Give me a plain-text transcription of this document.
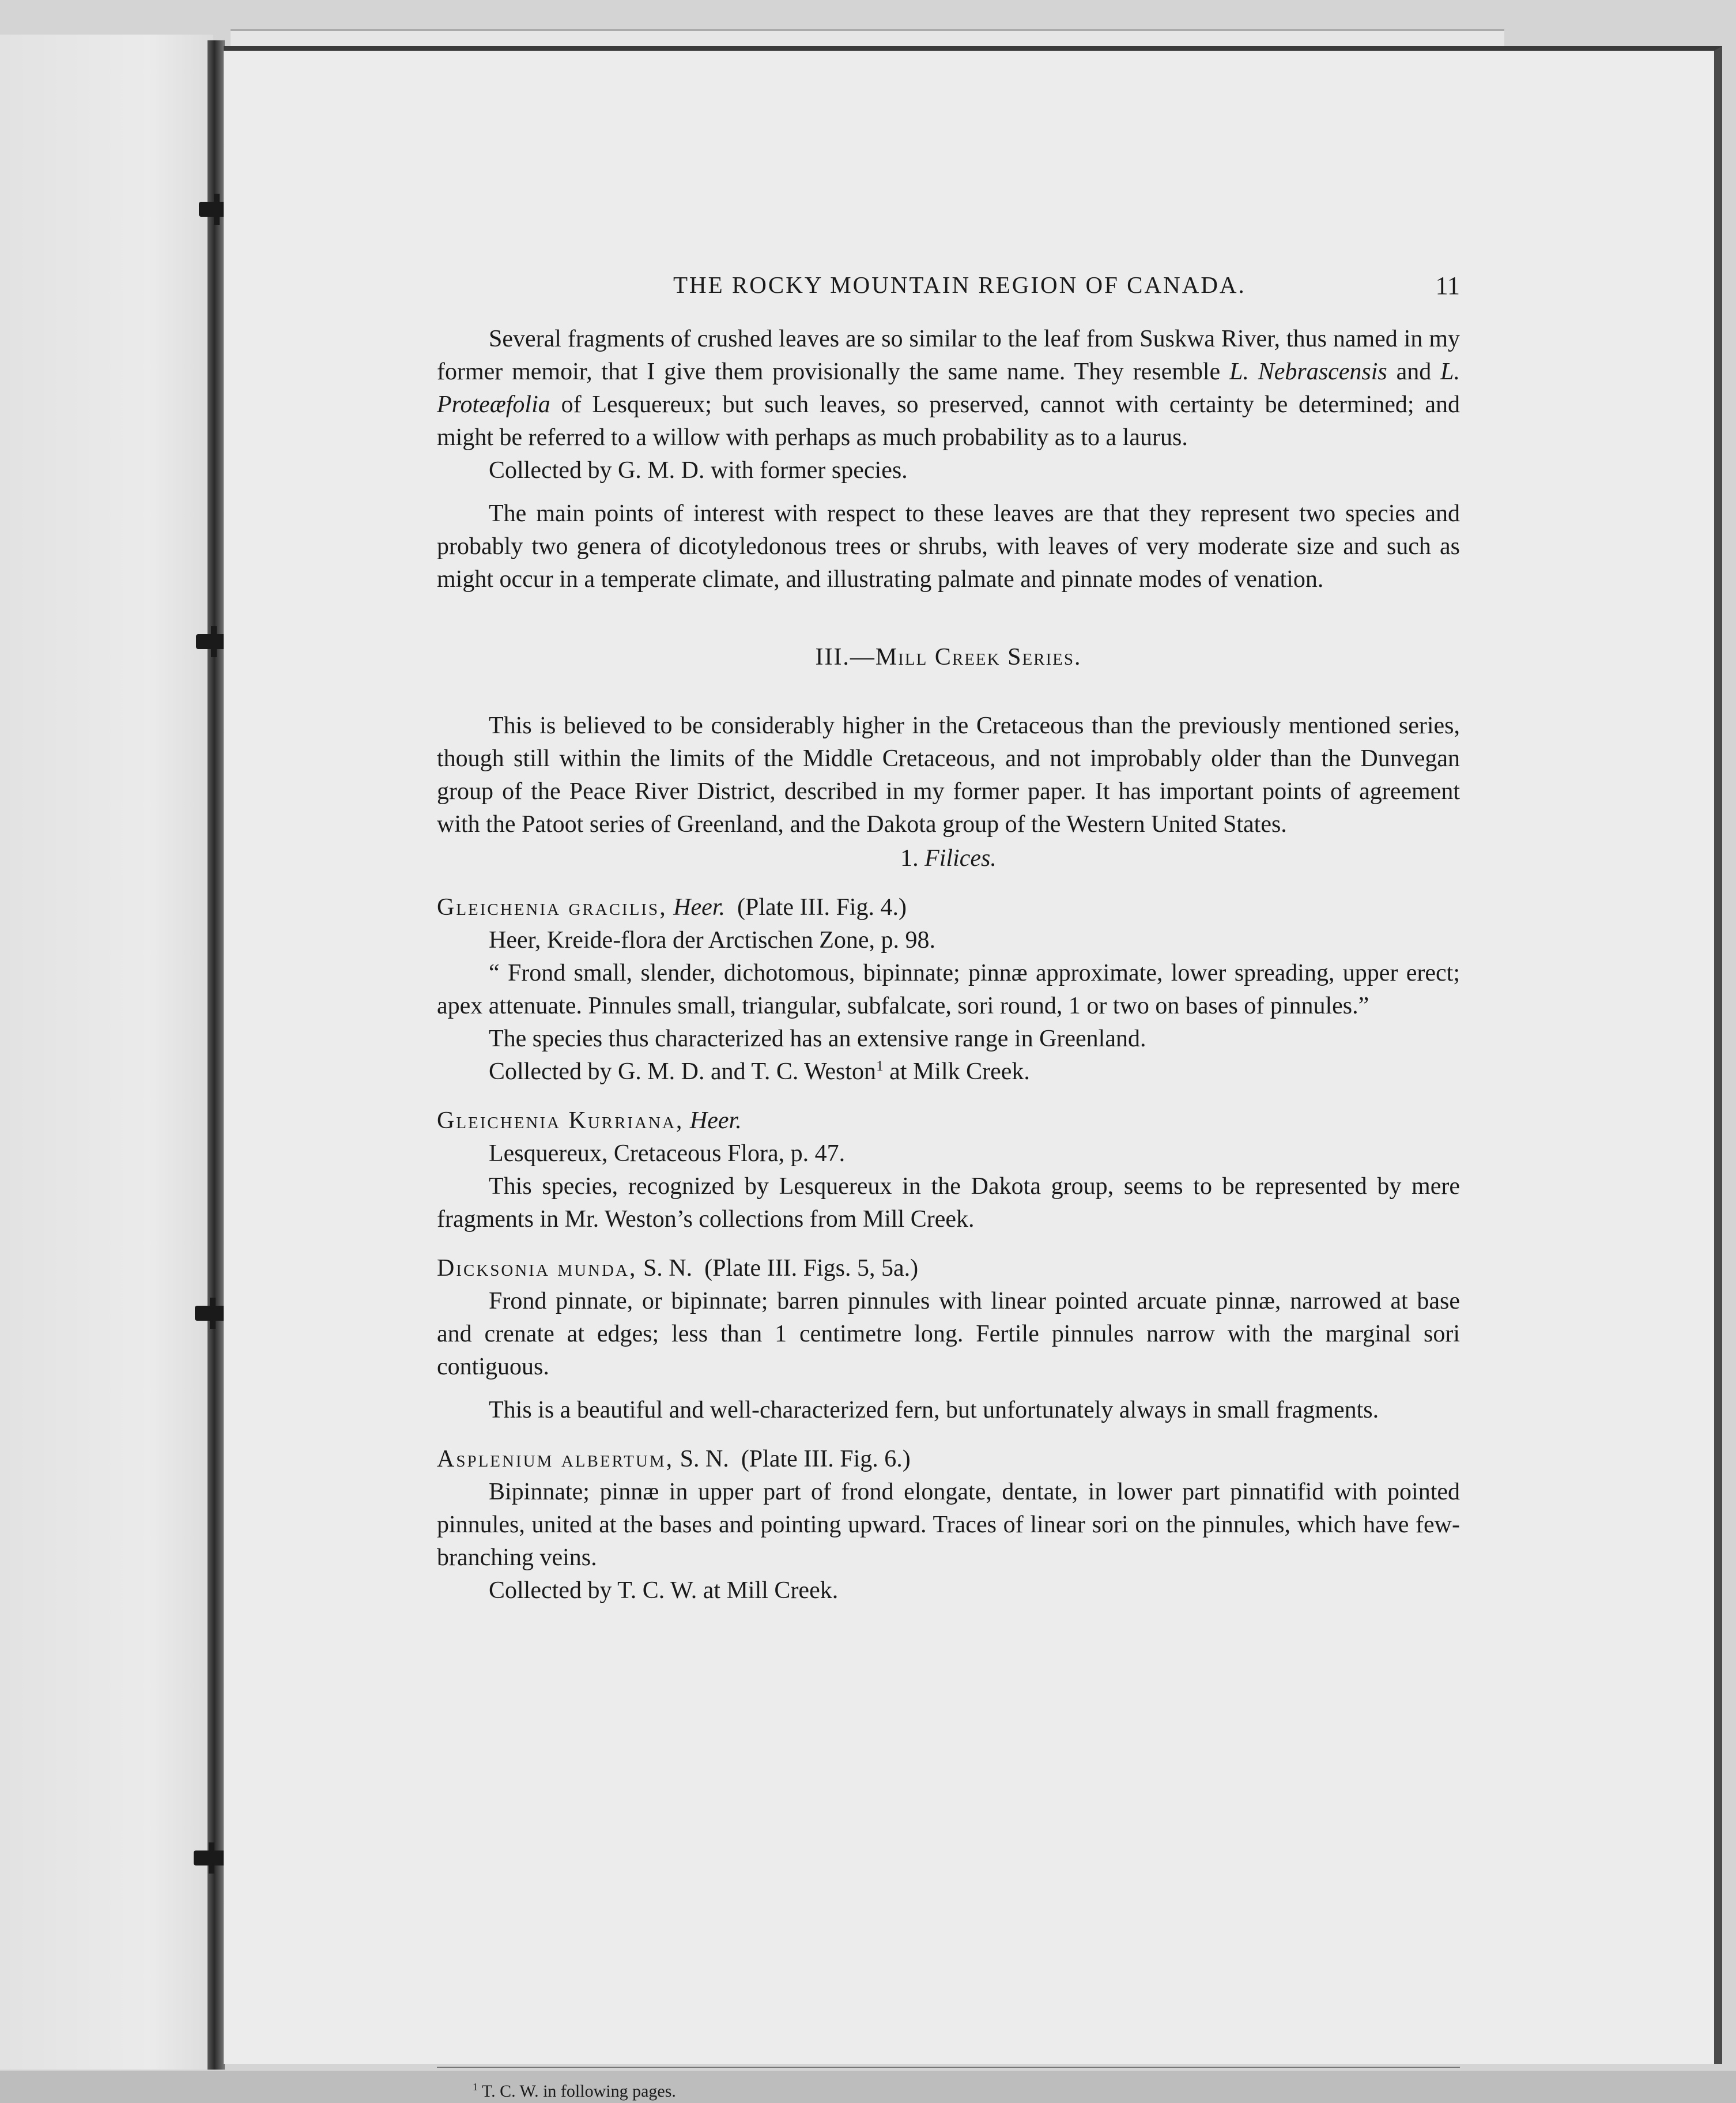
THE ROCKY MOUNTAIN REGION OF CANADA.	11

Several fragments of crushed leaves are so similar to the leaf from Suskwa River, thus named in my former memoir, that I give them provisionally the same name. They resemble L. Nebrascensis and L. Proteæfolia of Lesquereux; but such leaves, so preserved, cannot with certainty be determined; and might be referred to a willow with perhaps as much probability as to a laurus.

Collected by G. M. D. with former species.

The main points of interest with respect to these leaves are that they represent two species and probably two genera of dicotyledonous trees or shrubs, with leaves of very moderate size and such as might occur in a temperate climate, and illustrating palmate and pinnate modes of venation.

III.—Mill Creek Series.

This is believed to be considerably higher in the Cretaceous than the previously mentioned series, though still within the limits of the Middle Cretaceous, and not improbably older than the Dunvegan group of the Peace River District, described in my former paper. It has important points of agreement with the Patoot series of Greenland, and the Dakota group of the Western United States.

1. Filices.

Gleichenia gracilis, Heer. (Plate III. Fig. 4.)

Heer, Kreide-flora der Arctischen Zone, p. 98.

“ Frond small, slender, dichotomous, bipinnate; pinnæ approximate, lower spreading, upper erect; apex attenuate. Pinnules small, triangular, subfalcate, sori round, 1 or two on bases of pinnules.”

The species thus characterized has an extensive range in Greenland.

Collected by G. M. D. and T. C. Weston$^1$ at Milk Creek.

Gleichenia Kurriana, Heer.

Lesquereux, Cretaceous Flora, p. 47.

This species, recognized by Lesquereux in the Dakota group, seems to be represented by mere fragments in Mr. Weston’s collections from Mill Creek.

Dicksonia munda, S. N. (Plate III. Figs. 5, 5a.)

Frond pinnate, or bipinnate; barren pinnules with linear pointed arcuate pinnæ, narrowed at base and crenate at edges; less than 1 centimetre long. Fertile pinnules narrow with the marginal sori contiguous.

This is a beautiful and well-characterized fern, but unfortunately always in small fragments.

Asplenium albertum, S. N. (Plate III. Fig. 6.)

Bipinnate; pinnæ in upper part of frond elongate, dentate, in lower part pinnatifid with pointed pinnules, united at the bases and pointing upward. Traces of linear sori on the pinnules, which have few-branching veins.

Collected by T. C. W. at Mill Creek.

$^1$ T. C. W. in following pages.
